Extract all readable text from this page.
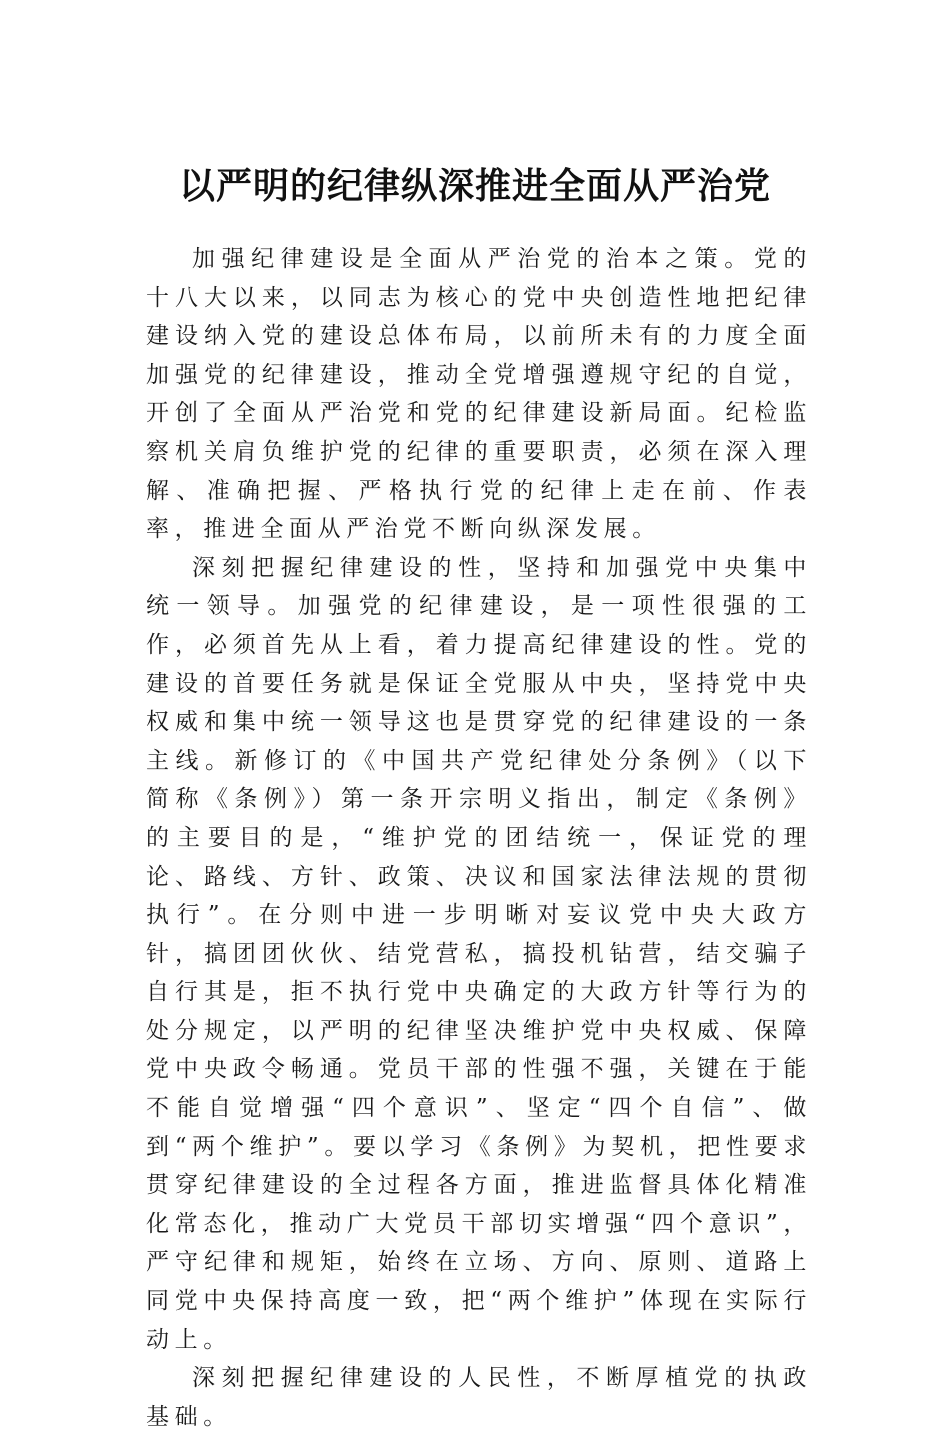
以严明的纪律纵深推进全面从严治党

加强纪律建设是全面从严治党的治本之策。党的十八大以来，以同志为核心的党中央创造性地把纪律建设纳入党的建设总体布局，以前所未有的力度全面加强党的纪律建设，推动全党增强遵规守纪的自觉，开创了全面从严治党和党的纪律建设新局面。纪检监察机关肩负维护党的纪律的重要职责，必须在深入理解、准确把握、严格执行党的纪律上走在前、作表率，推进全面从严治党不断向纵深发展。

深刻把握纪律建设的性，坚持和加强党中央集中统一领导。加强党的纪律建设，是一项性很强的工作，必须首先从上看，着力提高纪律建设的性。党的建设的首要任务就是保证全党服从中央，坚持党中央权威和集中统一领导这也是贯穿党的纪律建设的一条主线。新修订的《中国共产党纪律处分条例》（以下简称《条例》）第一条开宗明义指出，制定《条例》的主要目的是，“维护党的团结统一，保证党的理论、路线、方针、政策、决议和国家法律法规的贯彻执行”。在分则中进一步明晰对妄议党中央大政方针，搞团团伙伙、结党营私，搞投机钻营，结交骗子自行其是，拒不执行党中央确定的大政方针等行为的处分规定，以严明的纪律坚决维护党中央权威、保障党中央政令畅通。党员干部的性强不强，关键在于能不能自觉增强“四个意识”、坚定“四个自信”、做到“两个维护”。要以学习《条例》为契机，把性要求贯穿纪律建设的全过程各方面，推进监督具体化精准化常态化，推动广大党员干部切实增强“四个意识”，严守纪律和规矩，始终在立场、方向、原则、道路上同党中央保持高度一致，把“两个维护”体现在实际行动上。

深刻把握纪律建设的人民性，不断厚植党的执政基础。
